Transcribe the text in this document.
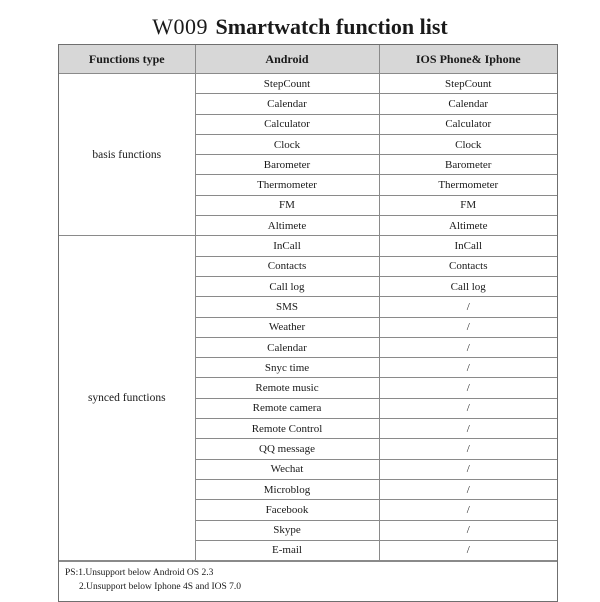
W009 Smartwatch function list
Functions type	Android	IOS Phone& Iphone
basis functions	StepCount	StepCount
	Calendar	Calendar
	Calculator	Calculator
	Clock	Clock
	Barometer	Barometer
	Thermometer	Thermometer
	FM	FM
	Altimete	Altimete
synced functions	InCall	InCall
	Contacts	Contacts
	Call log	Call log
	SMS	/
	Weather	/
	Calendar	/
	Snyc time	/
	Remote music	/
	Remote camera	/
	Remote Control	/
	QQ message	/
	Wechat	/
	Microblog	/
	Facebook	/
	Skype	/
	E-mail	/
PS:1.Unsupport below Android OS 2.3
2.Unsupport below Iphone 4S and IOS 7.0
